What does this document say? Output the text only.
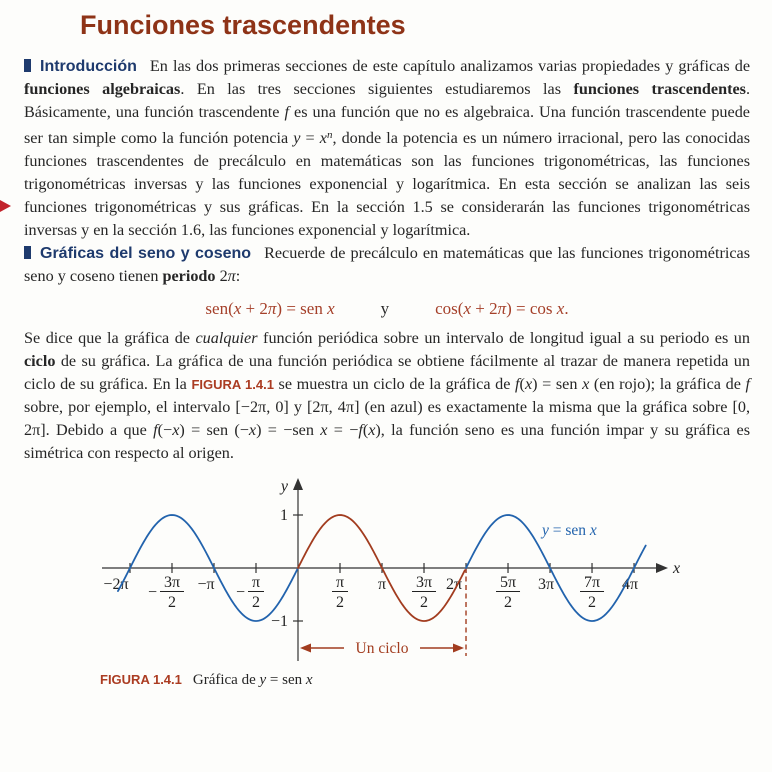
Funciones trascendentes

Introducción En las dos primeras secciones de este capítulo analizamos varias propiedades y gráficas de funciones algebraicas. En las tres secciones siguientes estudiaremos las funciones trascendentes. Básicamente, una función trascendente f es una función que no es algebraica. Una función trascendente puede ser tan simple como la función potencia $y = x^n$, donde la potencia es un número irracional, pero las conocidas funciones trascendentes de precálculo en matemáticas son las funciones trigonométricas, las funciones trigonométricas inversas y las funciones exponencial y logarítmica. En esta sección se analizan las seis funciones trigonométricas y sus gráficas. En la sección 1.5 se considerarán las funciones trigonométricas inversas y en la sección 1.6, las funciones exponencial y logarítmica.

Gráficas del seno y coseno Recuerde de precálculo en matemáticas que las funciones trigonométricas seno y coseno tienen periodo 2π:

sen(x + 2π) = sen x	y	cos(x + 2π) = cos x.

Se dice que la gráfica de cualquier función periódica sobre un intervalo de longitud igual a su periodo es un ciclo de su gráfica. La gráfica de una función periódica se obtiene fácilmente al trazar de manera repetida un ciclo de su gráfica. En la FIGURA 1.4.1 se muestra un ciclo de la gráfica de f(x) = sen x (en rojo); la gráfica de f sobre, por ejemplo, el intervalo [−2π, 0] y [2π, 4π] (en azul) es exactamente la misma que la gráfica sobre [0, 2π]. Debido a que f(−x) = sen (−x) = −sen x = −f(x), la función seno es una función impar y su gráfica es simétrica con respecto al origen.

x
y
1
−1
−2π 3π
2
−	−π π
2
−
π
2
π 3π
2
2π 5π
2
3π 7π
2
4π
y = sen x
Un ciclo
FIGURA 1.4.1 Gráfica de y = sen x
